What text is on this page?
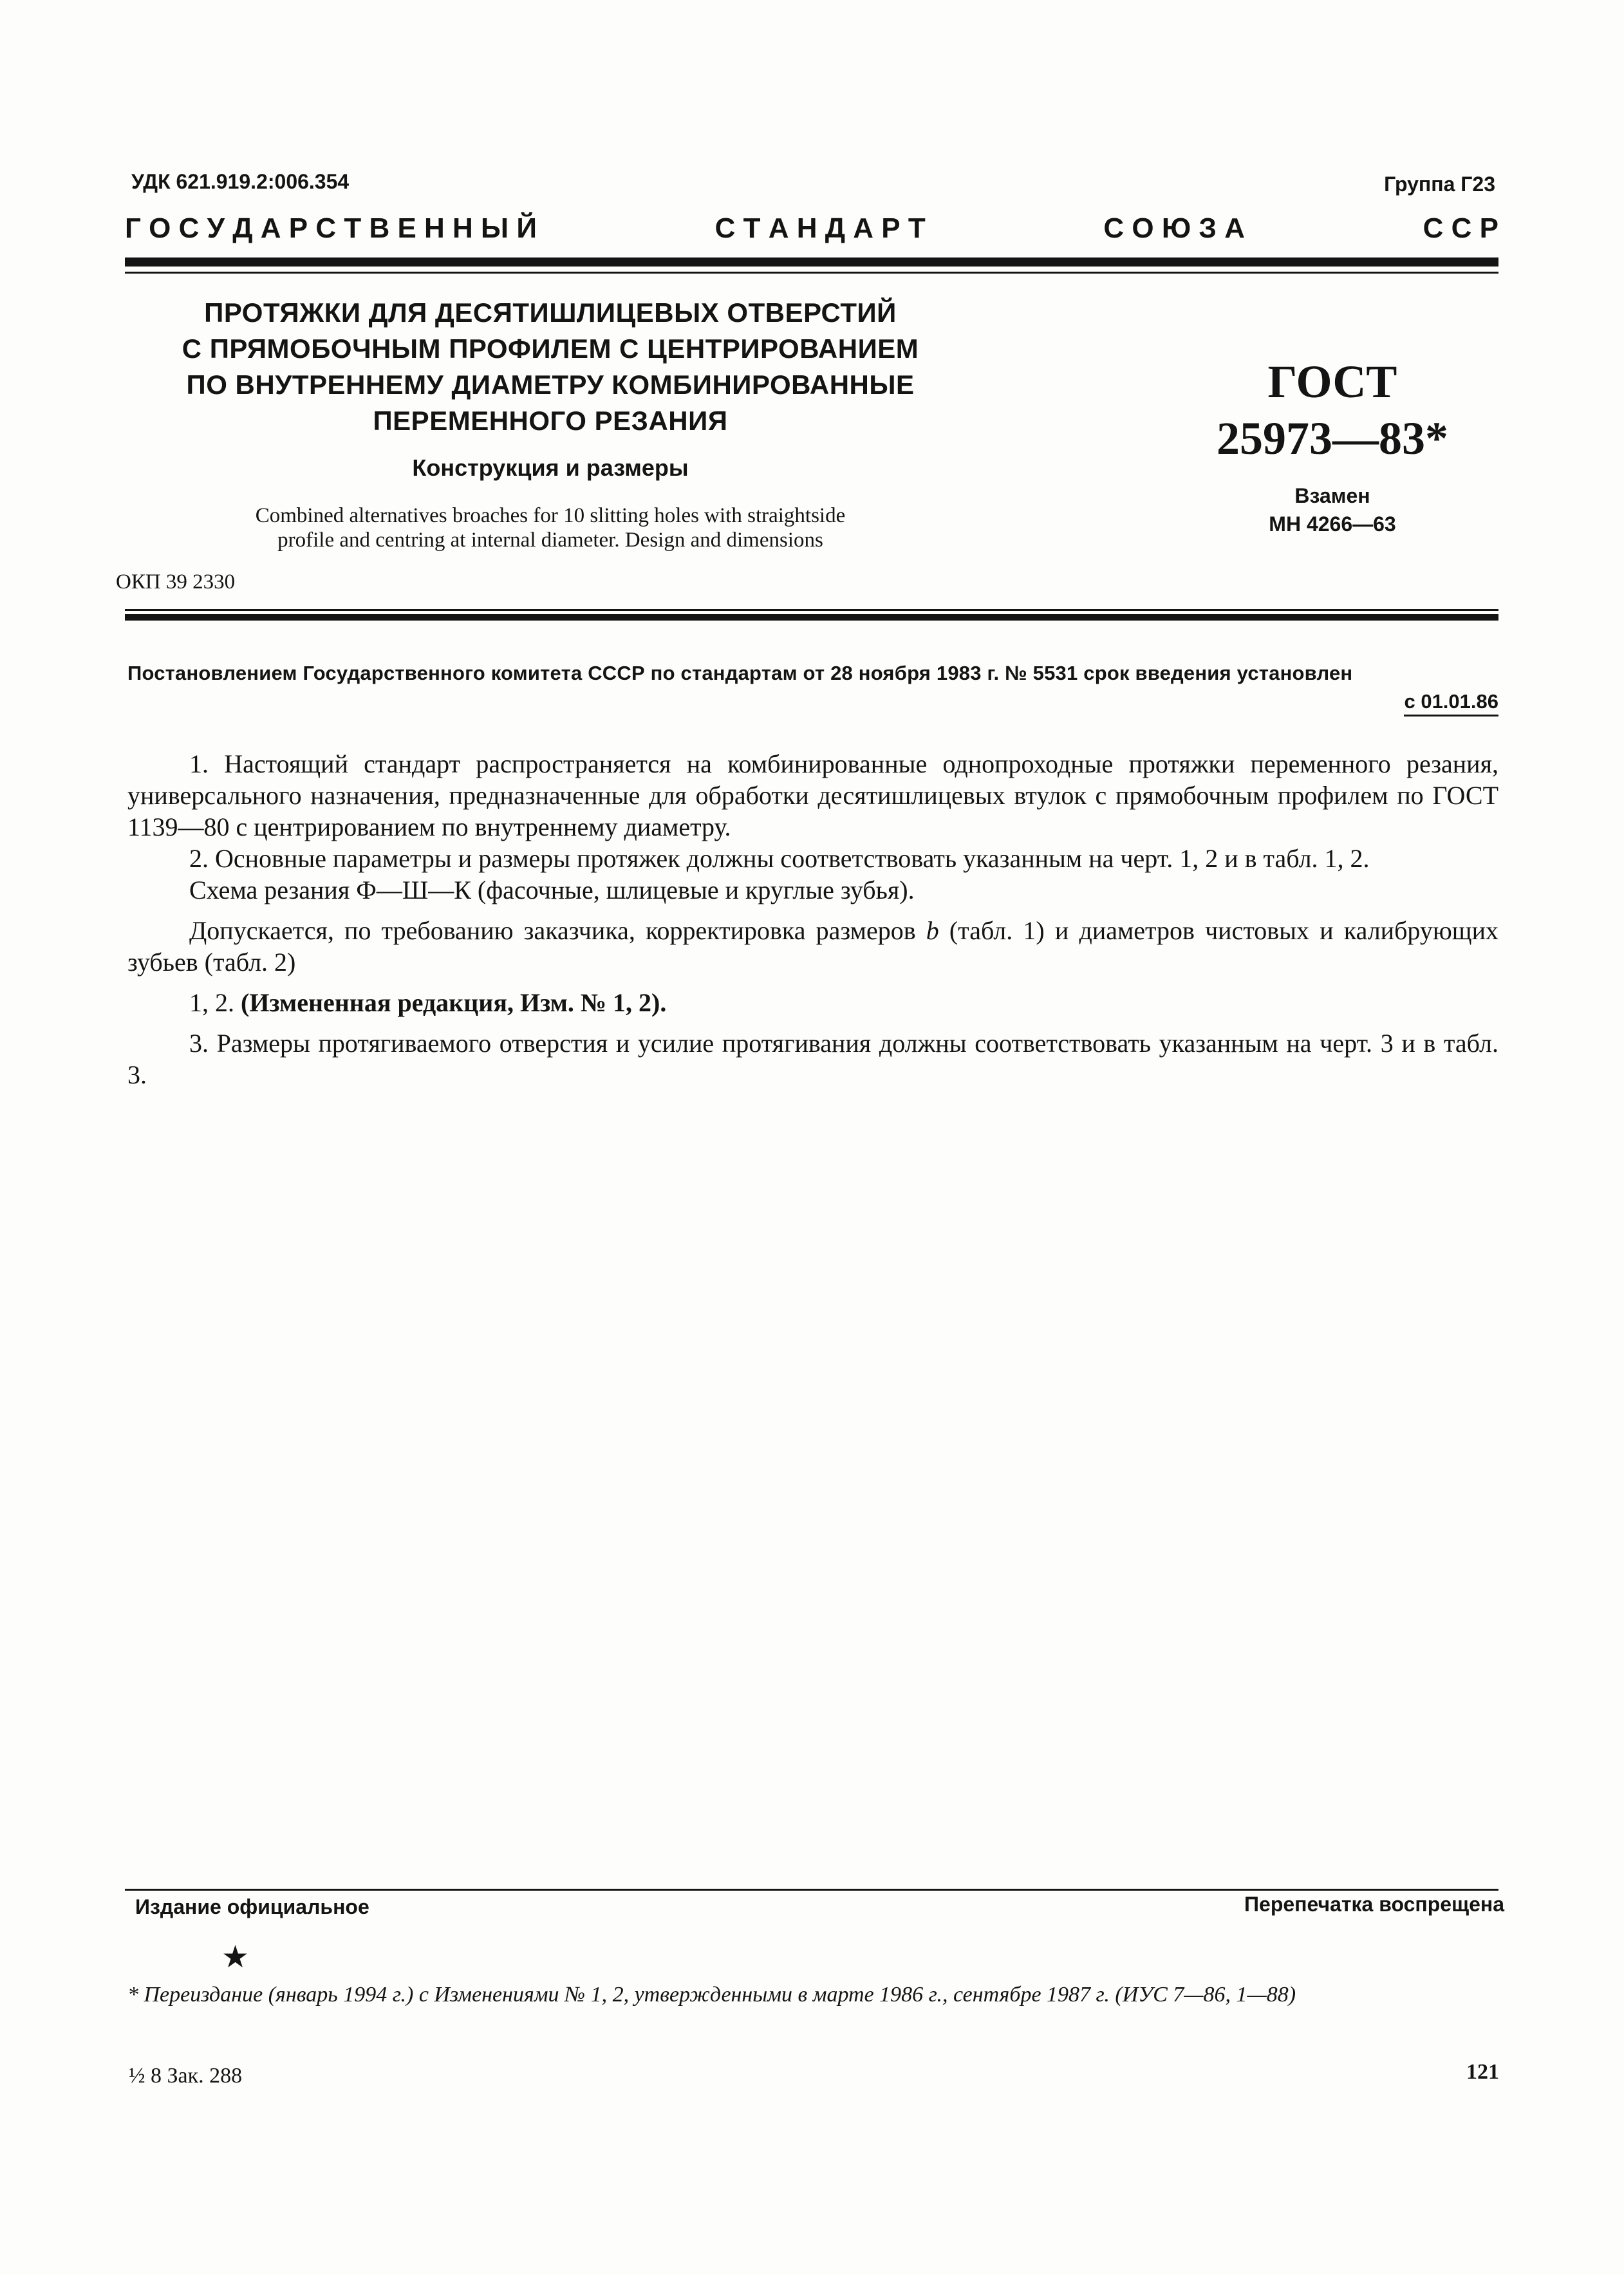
УДК 621.919.2:006.354	Группа Г23
Г О С У Д А Р С Т В Е Н Н Ы Й	С Т А Н Д А Р Т	С О Ю З А	С С Р
ПРОТЯЖКИ ДЛЯ ДЕСЯТИШЛИЦЕВЫХ ОТВЕРСТИЙ
С ПРЯМОБОЧНЫМ ПРОФИЛЕМ С ЦЕНТРИРОВАНИЕМ
ПО ВНУТРЕННЕМУ ДИАМЕТРУ КОМБИНИРОВАННЫЕ
ПЕРЕМЕННОГО РЕЗАНИЯ
Конструкция и размеры
Combined alternatives broaches for 10 slitting holes with straightside
profile and centring at internal diameter. Design and dimensions
ОКП 39 2330
ГОСТ
25973—83*
Взамен
МН 4266—63
Постановлением Государственного комитета СССР по стандартам от 28 ноября 1983 г. № 5531 срок введения установлен
с 01.01.86

1. Настоящий стандарт распространяется на комбинированные однопроходные протяжки переменного резания, универсального назначения, предназначенные для обработки десятишлицевых втулок с прямобочным профилем по ГОСТ 1139—80 с центрированием по внутреннему диаметру.

2. Основные параметры и размеры протяжек должны соответствовать указанным на черт. 1, 2 и в табл. 1, 2.

Схема резания Ф—Ш—К (фасочные, шлицевые и круглые зубья).

Допускается, по требованию заказчика, корректировка размеров b (табл. 1) и диаметров чистовых и калибрующих зубьев (табл. 2)

1, 2. (Измененная редакция, Изм. № 1, 2).

3. Размеры протягиваемого отверстия и усилие протягивания должны соответствовать указанным на черт. 3 и в табл. 3.

Издание официальное	Перепечатка воспрещена
★
* Переиздание (январь 1994 г.) с Изменениями № 1, 2, утвержденными в марте 1986 г., сентябре 1987 г. (ИУС 7—86, 1—88)
½ 8 Зак. 288	121
